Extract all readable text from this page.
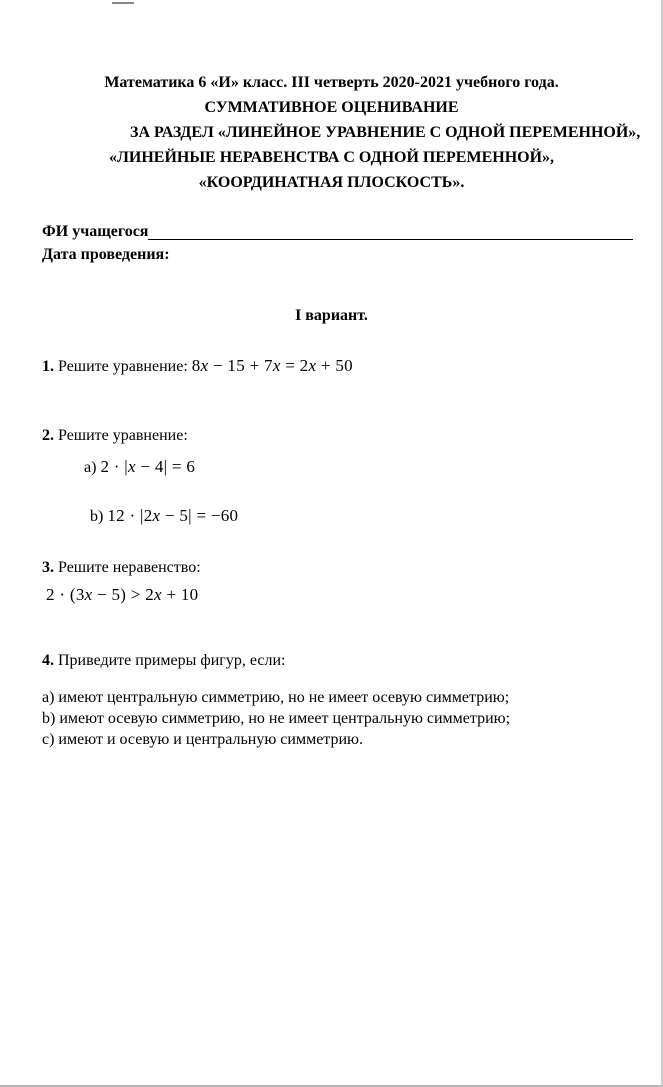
Математика 6 «И» класс. III четверть 2020-2021 учебного года.
СУММАТИВНОЕ ОЦЕНИВАНИЕ
ЗА РАЗДЕЛ «ЛИНЕЙНОЕ УРАВНЕНИЕ С ОДНОЙ ПЕРЕМЕННОЙ»,
«ЛИНЕЙНЫЕ НЕРАВЕНСТВА С ОДНОЙ ПЕРЕМЕННОЙ»,
«КООРДИНАТНАЯ ПЛОСКОСТЬ».
ФИ учащегося
Дата проведения:
I вариант.
1. Решите уравнение: 8x − 15 + 7x = 2x + 50
2. Решите уравнение:
a) 2 · |x − 4| = 6
b) 12 · |2x − 5| = −60
3. Решите неравенство:
2 · (3x − 5) > 2x + 10
4. Приведите примеры фигур, если:
a) имеют центральную симметрию, но не имеет осевую симметрию;
b) имеют осевую симметрию, но не имеет центральную симметрию;
c) имеют и осевую и центральную симметрию.
